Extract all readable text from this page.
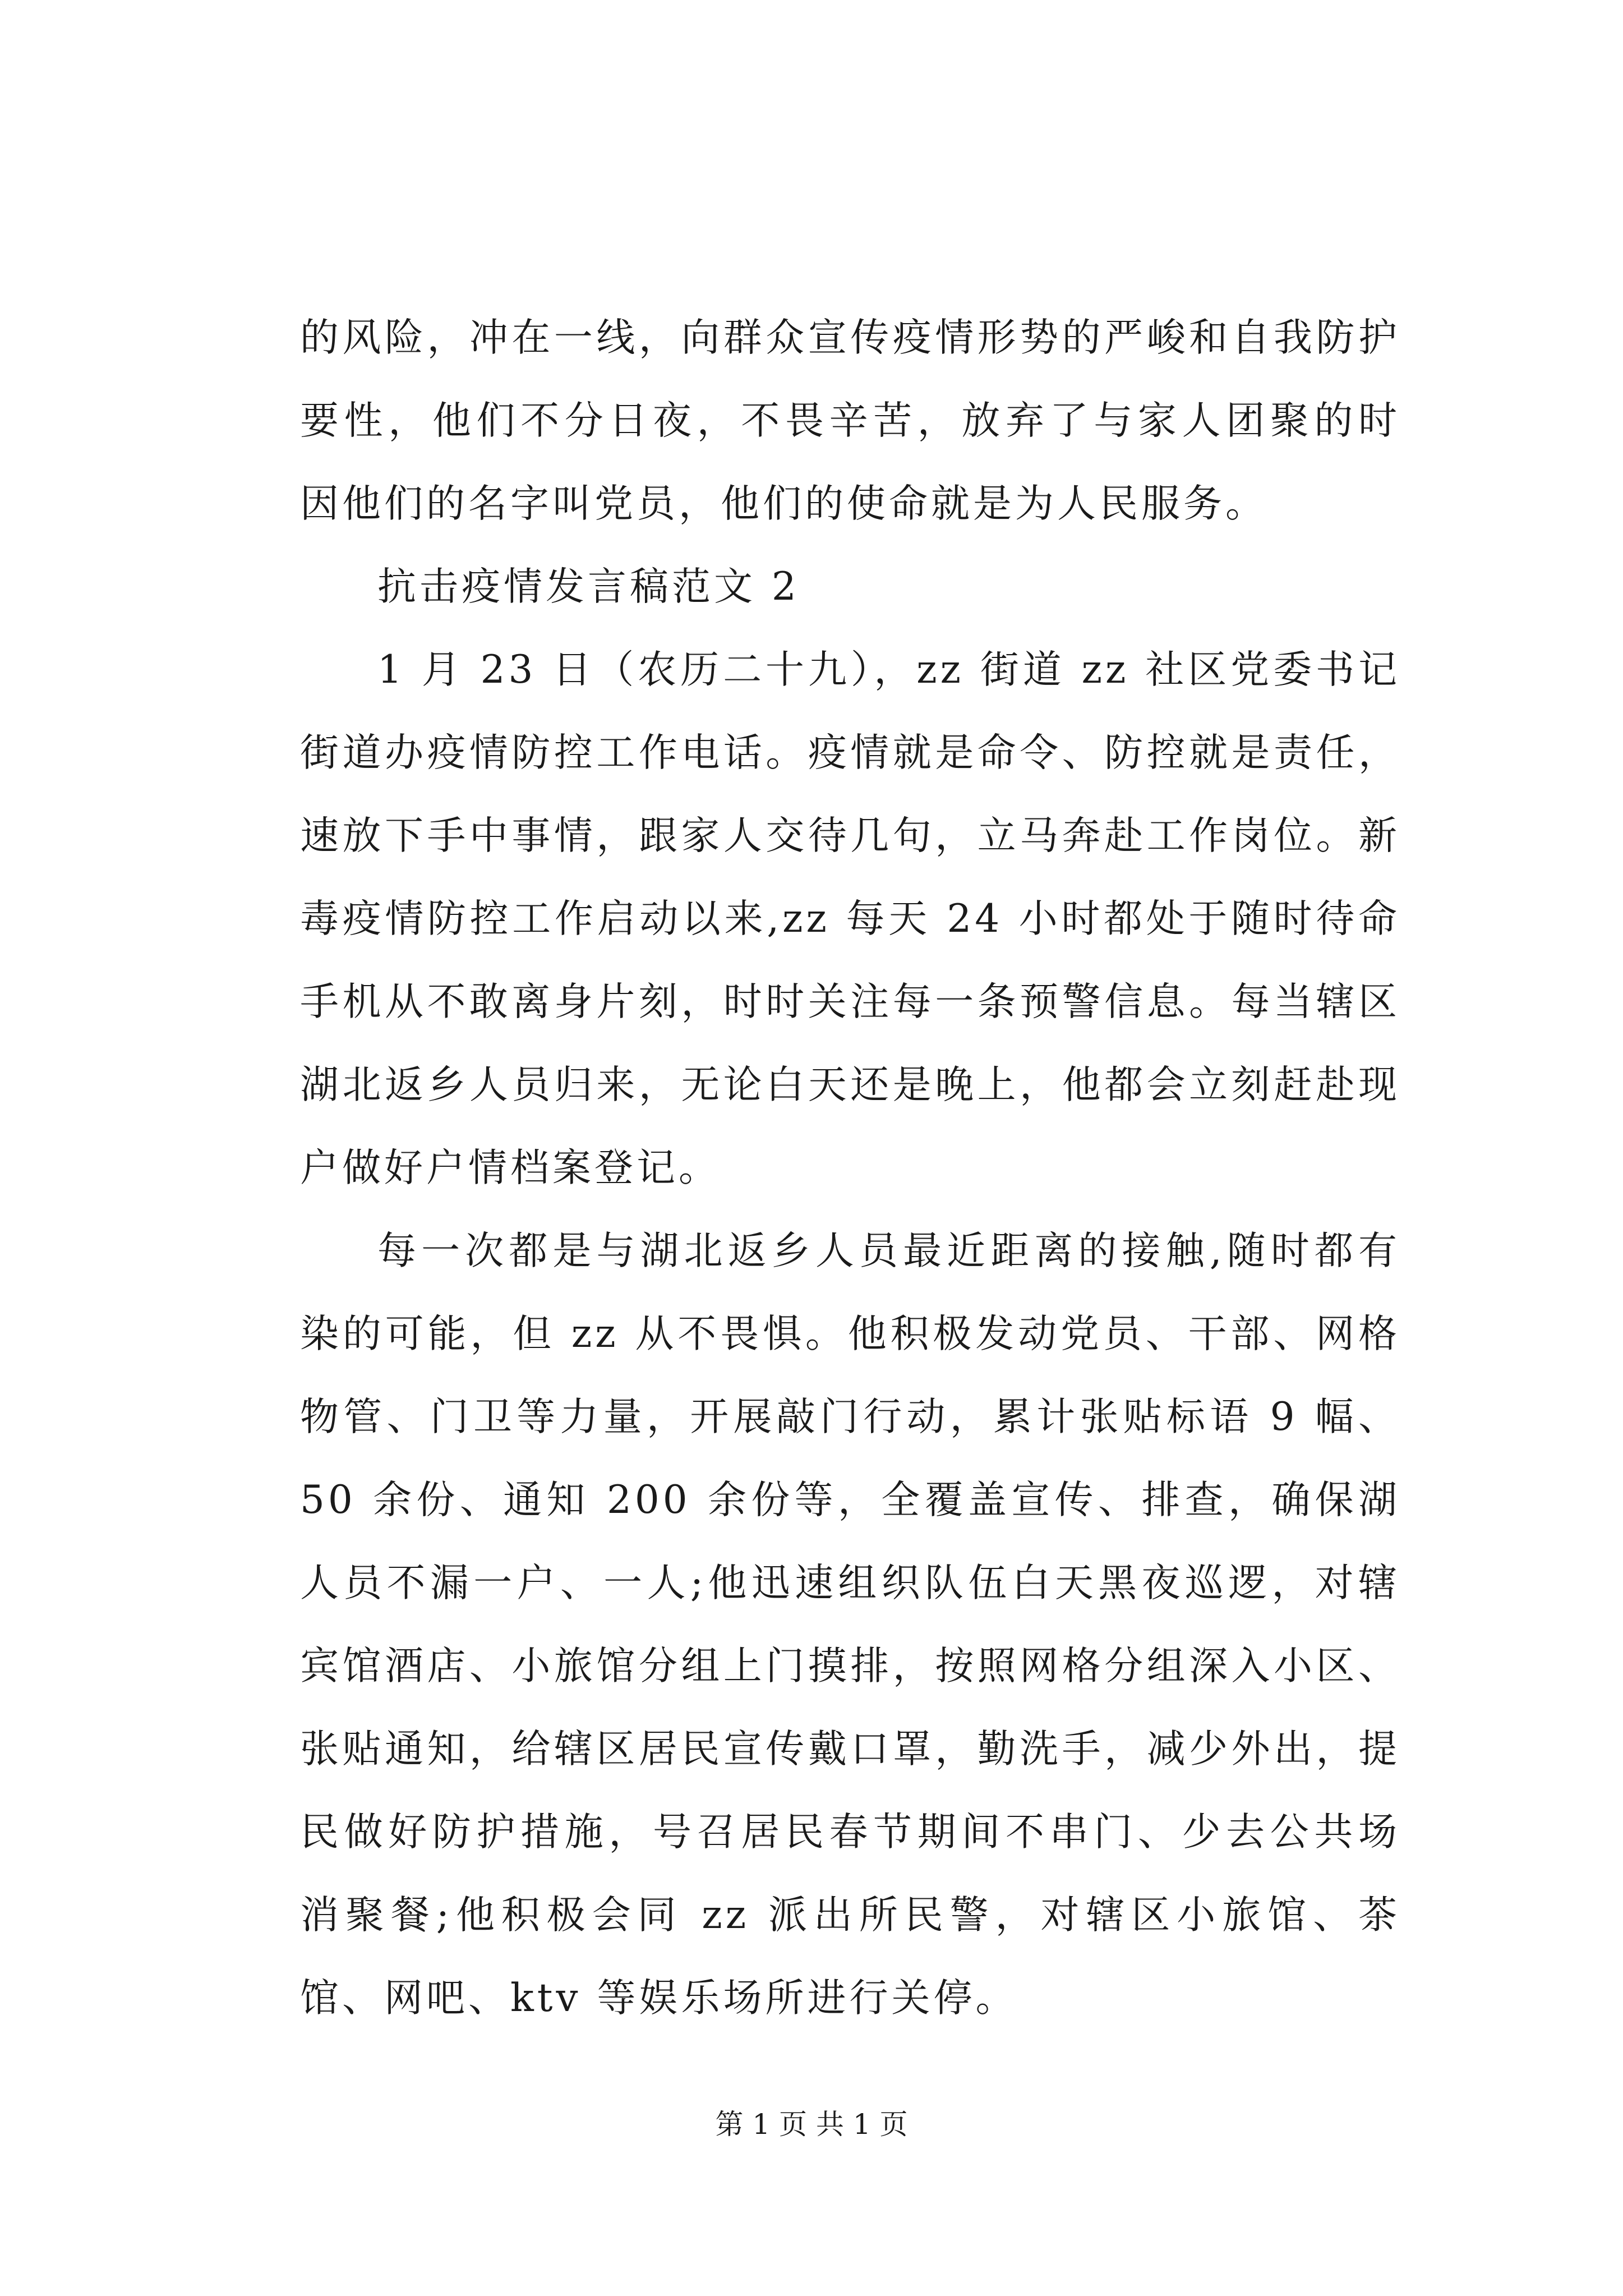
的风险，冲在一线，向群众宣传疫情形势的严峻和自我防护
要性，他们不分日夜，不畏辛苦，放弃了与家人团聚的时
因他们的名字叫党员，他们的使命就是为人民服务。
抗击疫情发言稿范文 2
1 月 23 日（农历二十九），zz 街道 zz 社区党委书记
街道办疫情防控工作电话。疫情就是命令、防控就是责任，
速放下手中事情，跟家人交待几句，立马奔赴工作岗位。新
毒疫情防控工作启动以来,zz 每天 24 小时都处于随时待命
手机从不敢离身片刻，时时关注每一条预警信息。每当辖区
湖北返乡人员归来，无论白天还是晚上，他都会立刻赶赴现
户做好户情档案登记。
每一次都是与湖北返乡人员最近距离的接触,随时都有
染的可能，但 zz 从不畏惧。他积极发动党员、干部、网格
物管、门卫等力量，开展敲门行动，累计张贴标语 9 幅、
50 余份、通知 200 余份等，全覆盖宣传、排查，确保湖
人员不漏一户、一人;他迅速组织队伍白天黑夜巡逻，对辖
宾馆酒店、小旅馆分组上门摸排，按照网格分组深入小区、
张贴通知，给辖区居民宣传戴口罩，勤洗手，减少外出，提
民做好防护措施，号召居民春节期间不串门、少去公共场
消聚餐;他积极会同 zz 派出所民警，对辖区小旅馆、茶
馆、网吧、ktv 等娱乐场所进行关停。
第 1 页 共 1 页
